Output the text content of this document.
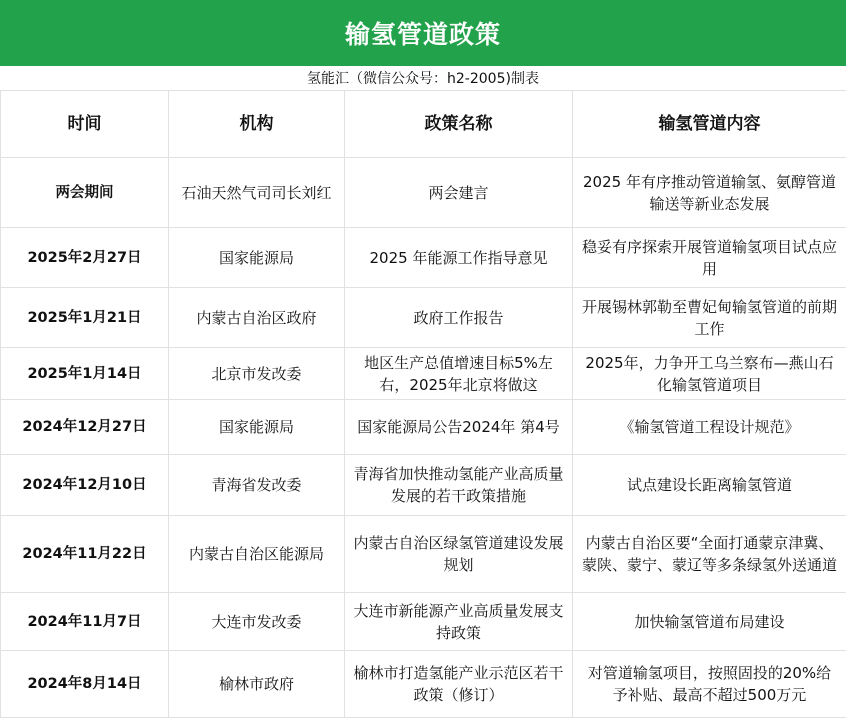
输氢管道政策
氢能汇（微信公众号：h2-2005)制表
时间	机构	政策名称	输氢管道内容
两会期间	石油天然气司司长刘红	两会建言	2025 年有序推动管道输氢、氨醇管道输送等新业态发展
2025年2月27日	国家能源局	2025 年能源工作指导意见	稳妥有序探索开展管道输氢项目试点应用
2025年1月21日	内蒙古自治区政府	政府工作报告	开展锡林郭勒至曹妃甸输氢管道的前期工作
2025年1月14日	北京市发改委	地区生产总值增速目标5%左右，2025年北京将做这	2025年，力争开工乌兰察布—燕山石化输氢管道项目
2024年12月27日	国家能源局	国家能源局公告2024年 第4号	《输氢管道工程设计规范》
2024年12月10日	青海省发改委	青海省加快推动氢能产业高质量发展的若干政策措施	试点建设长距离输氢管道
2024年11月22日	内蒙古自治区能源局	内蒙古自治区绿氢管道建设发展规划	内蒙古自治区要“全面打通蒙京津冀、蒙陕、蒙宁、蒙辽等多条绿氢外送通道
2024年11月7日	大连市发改委	大连市新能源产业高质量发展支持政策	加快输氢管道布局建设
2024年8月14日	榆林市政府	榆林市打造氢能产业示范区若干政策（修订）	对管道输氢项目，按照固投的20%给予补贴、最高不超过500万元
